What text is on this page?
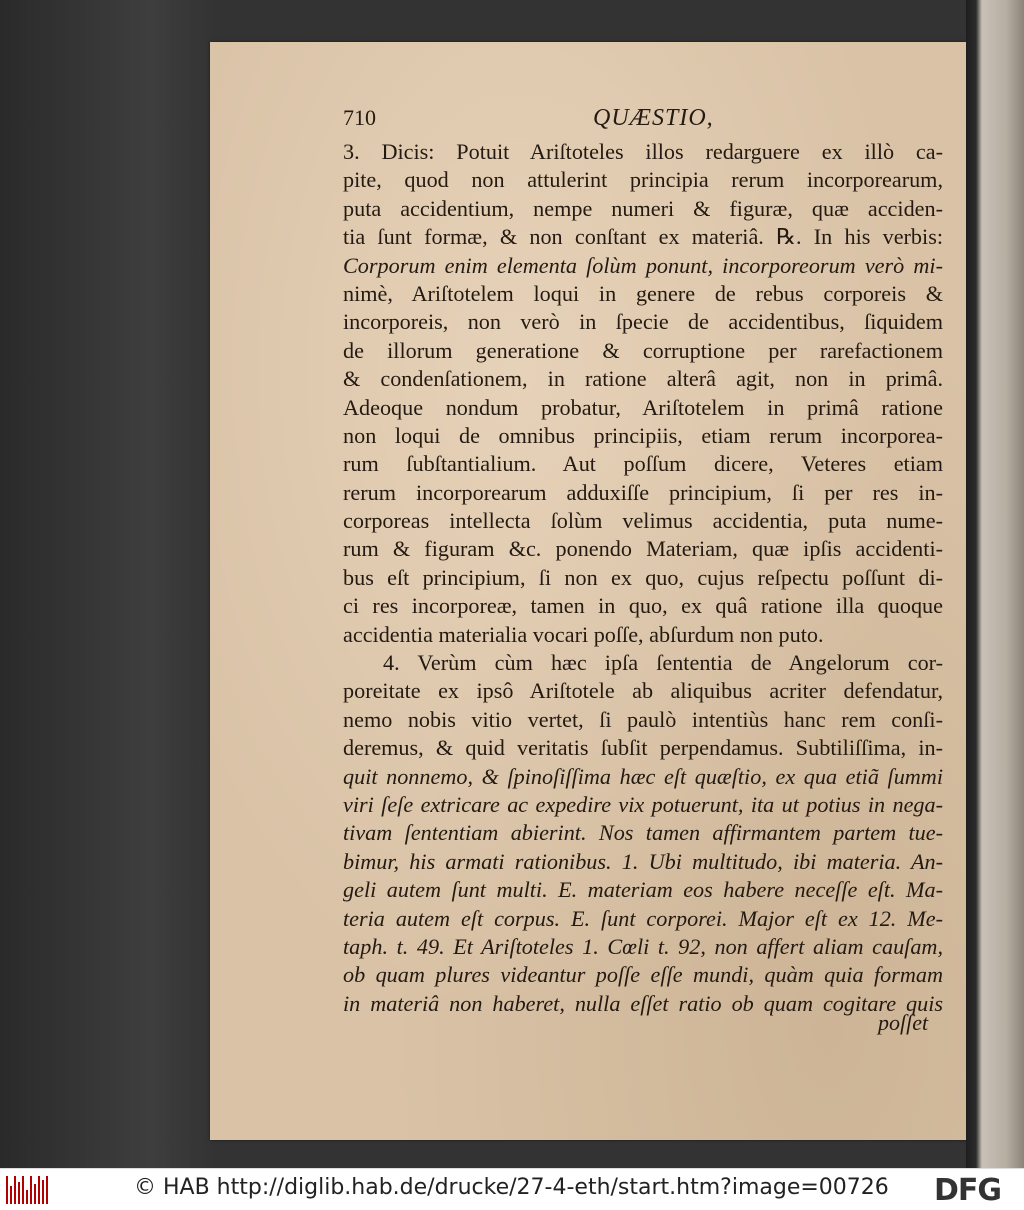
710	QUÆSTIO,
3. Dicis: Potuit Ariſtoteles illos redarguere ex illò ca-
pite, quod non attulerint principia rerum incorporearum,
puta accidentium, nempe numeri & figuræ, quæ acciden-
tia ſunt formæ, & non conſtant ex materiâ. ℞. In his verbis:
Corporum enim elementa ſolùm ponunt, incorporeorum verò mi-
nimè, Ariſtotelem loqui in genere de rebus corporeis &
incorporeis, non verò in ſpecie de accidentibus, ſiquidem
de illorum generatione & corruptione per rarefactionem
& condenſationem, in ratione alterâ agit, non in primâ.
Adeoque nondum probatur, Ariſtotelem in primâ ratione
non loqui de omnibus principiis, etiam rerum incorporea-
rum ſubſtantialium. Aut poſſum dicere, Veteres etiam
rerum incorporearum adduxiſſe principium, ſi per res in-
corporeas intellecta ſolùm velimus accidentia, puta nume-
rum & figuram &c. ponendo Materiam, quæ ipſis accidenti-
bus eſt principium, ſi non ex quo, cujus reſpectu poſſunt di-
ci res incorporeæ, tamen in quo, ex quâ ratione illa quoque
accidentia materialia vocari poſſe, abſurdum non puto.
4. Verùm cùm hæc ipſa ſententia de Angelorum cor-
poreitate ex ipsô Ariſtotele ab aliquibus acriter defendatur,
nemo nobis vitio vertet, ſi paulò intentiùs hanc rem conſi-
deremus, & quid veritatis ſubſit perpendamus. Subtiliſſima, in-
quit nonnemo, & ſpinoſiſſima hæc eſt quæſtio, ex qua etiã ſummi
viri ſeſe extricare ac expedire vix potuerunt, ita ut potius in nega-
tivam ſententiam abierint. Nos tamen affirmantem partem tue-
bimur, his armati rationibus. 1. Ubi multitudo, ibi materia. An-
geli autem ſunt multi. E. materiam eos habere neceſſe eſt. Ma-
teria autem eſt corpus. E. ſunt corporei. Major eſt ex 12. Me-
taph. t. 49. Et Ariſtoteles 1. Cœli t. 92, non affert aliam cauſam,
ob quam plures videantur poſſe eſſe mundi, quàm quia formam
in materiâ non haberet, nulla eſſet ratio ob quam cogitare quis
poſſet
© HAB http://diglib.hab.de/drucke/27-4-eth/start.htm?image=00726 DFG
